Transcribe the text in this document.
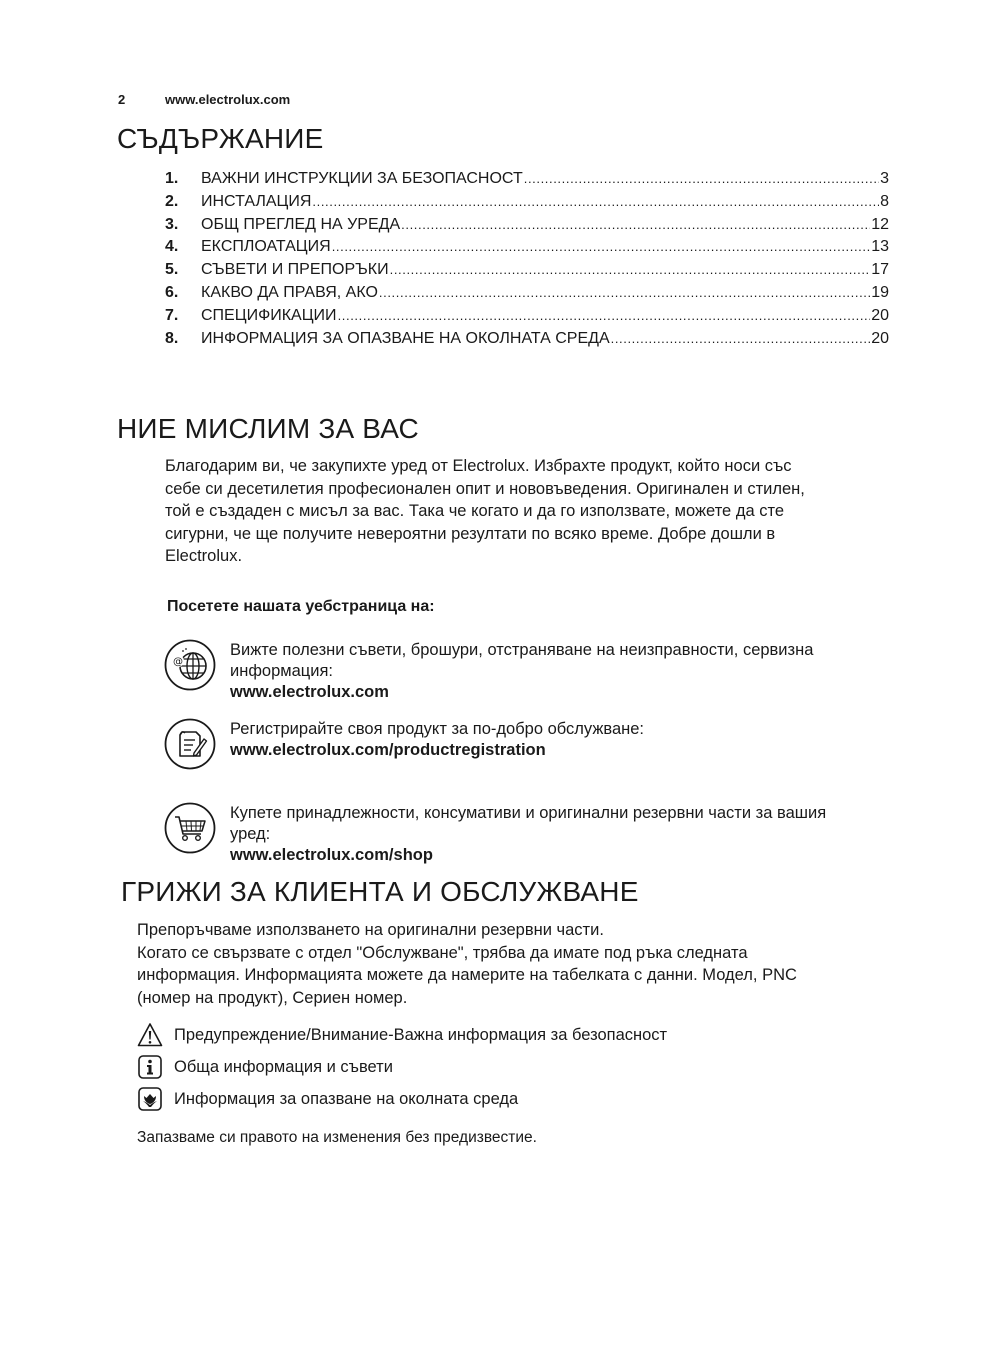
2	www.electrolux.com
СЪДЪРЖАНИЕ
1.	ВАЖНИ ИНСТРУКЦИИ ЗА БЕЗОПАСНОСТ .....	3
2.	ИНСТАЛАЦИЯ .....	8
3.	ОБЩ ПРЕГЛЕД НА УРЕДА .....	12
4.	ЕКСПЛОАТАЦИЯ .....	13
5.	СЪВЕТИ И ПРЕПОРЪКИ .....	17
6.	КАКВО ДА ПРАВЯ, АКО .....	19
7.	СПЕЦИФИКАЦИИ .....	20
8.	ИНФОРМАЦИЯ ЗА ОПАЗВАНЕ НА ОКОЛНАТА СРЕДА .....	20
НИЕ МИСЛИМ ЗА ВАС
Благодарим ви, че закупихте уред от Electrolux. Избрахте продукт, който носи със
себе си десетилетия професионален опит и нововъведения. Оригинален и стилен,
той е създаден с мисъл за вас. Така че когато и да го използвате, можете да сте
сигурни, че ще получите невероятни резултати по всяко време. Добре дошли в
Electrolux.
Посетете нашата уебстраница на:
@
Вижте полезни съвети, брошури, отстраняване на неизправности, сервизна
информация:
www.electrolux.com
Регистрирайте своя продукт за по-добро обслужване:
www.electrolux.com/productregistration
Купете принадлежности, консумативи и оригинални резервни части за вашия
уред:
www.electrolux.com/shop
ГРИЖИ ЗА КЛИЕНТА И ОБСЛУЖВАНЕ
Препоръчваме използването на оригинални резервни части.
Когато се свързвате с отдел "Обслужване", трябва да имате под ръка следната
информация. Информацията можете да намерите на табелката с данни. Модел, PNC
(номер на продукт), Сериен номер.
Предупреждение/Внимание-Важна информация за безопасност
Обща информация и съвети
Информация за опазване на околната среда
Запазваме си правото на изменения без предизвестие.
